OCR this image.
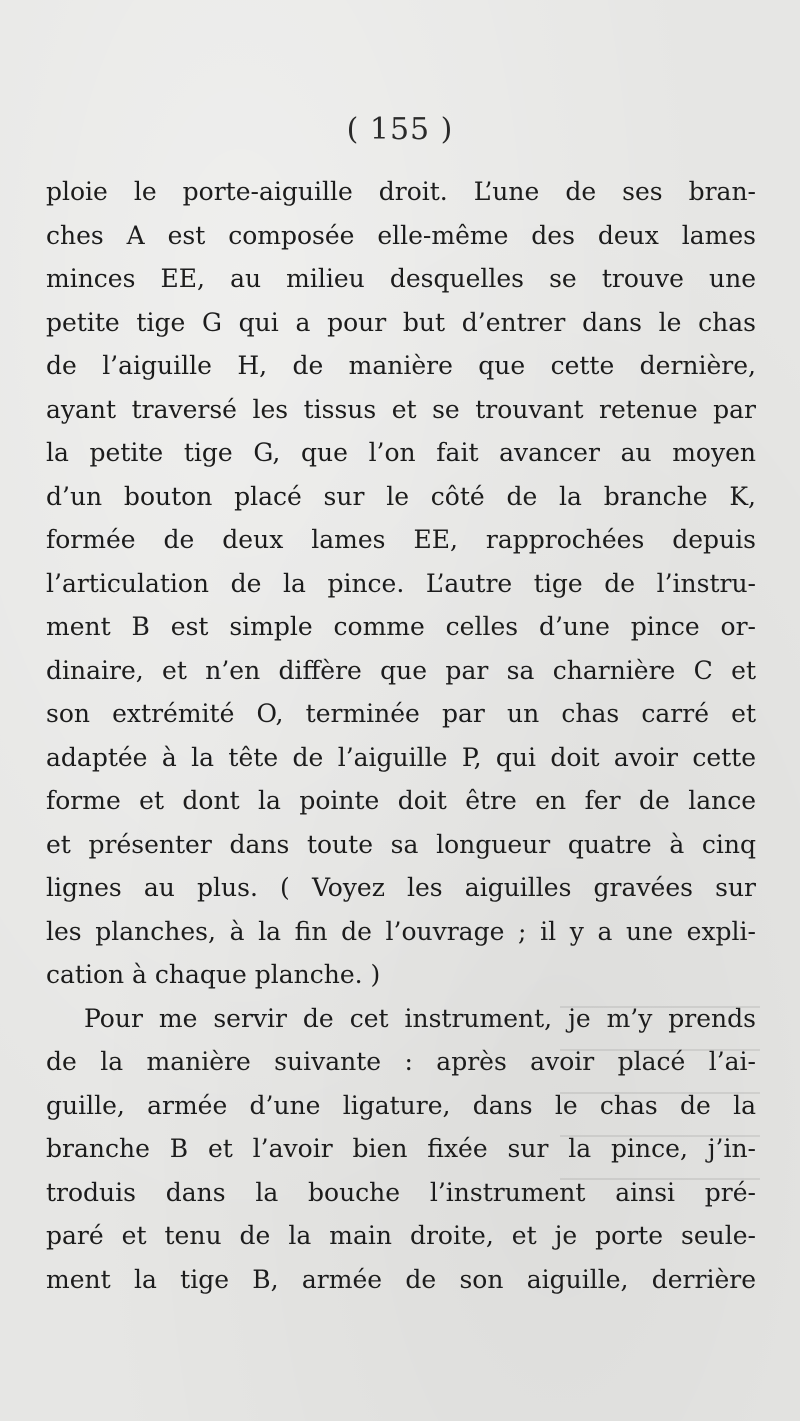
( 155 )
ploie le porte-aiguille droit. L’une de ses bran-
ches A est composée elle-même des deux lames
minces EE, au milieu desquelles se trouve une
petite tige G qui a pour but d’entrer dans le chas
de l’aiguille H, de manière que cette dernière,
ayant traversé les tissus et se trouvant retenue par
la petite tige G, que l’on fait avancer au moyen
d’un bouton placé sur le côté de la branche K,
formée de deux lames EE, rapprochées depuis
l’articulation de la pince. L’autre tige de l’instru-
ment B est simple comme celles d’une pince or-
dinaire, et n’en diffère que par sa charnière C et
son extrémité O, terminée par un chas carré et
adaptée à la tête de l’aiguille P, qui doit avoir cette
forme et dont la pointe doit être en fer de lance
et présenter dans toute sa longueur quatre à cinq
lignes au plus. ( Voyez les aiguilles gravées sur
les planches, à la fin de l’ouvrage ; il y a une expli-
cation à chaque planche. )
Pour me servir de cet instrument, je m’y prends
de la manière suivante : après avoir placé l’ai-
guille, armée d’une ligature, dans le chas de la
branche B et l’avoir bien fixée sur la pince, j’in-
troduis dans la bouche l’instrument ainsi pré-
paré et tenu de la main droite, et je porte seule-
ment la tige B, armée de son aiguille, derrière
